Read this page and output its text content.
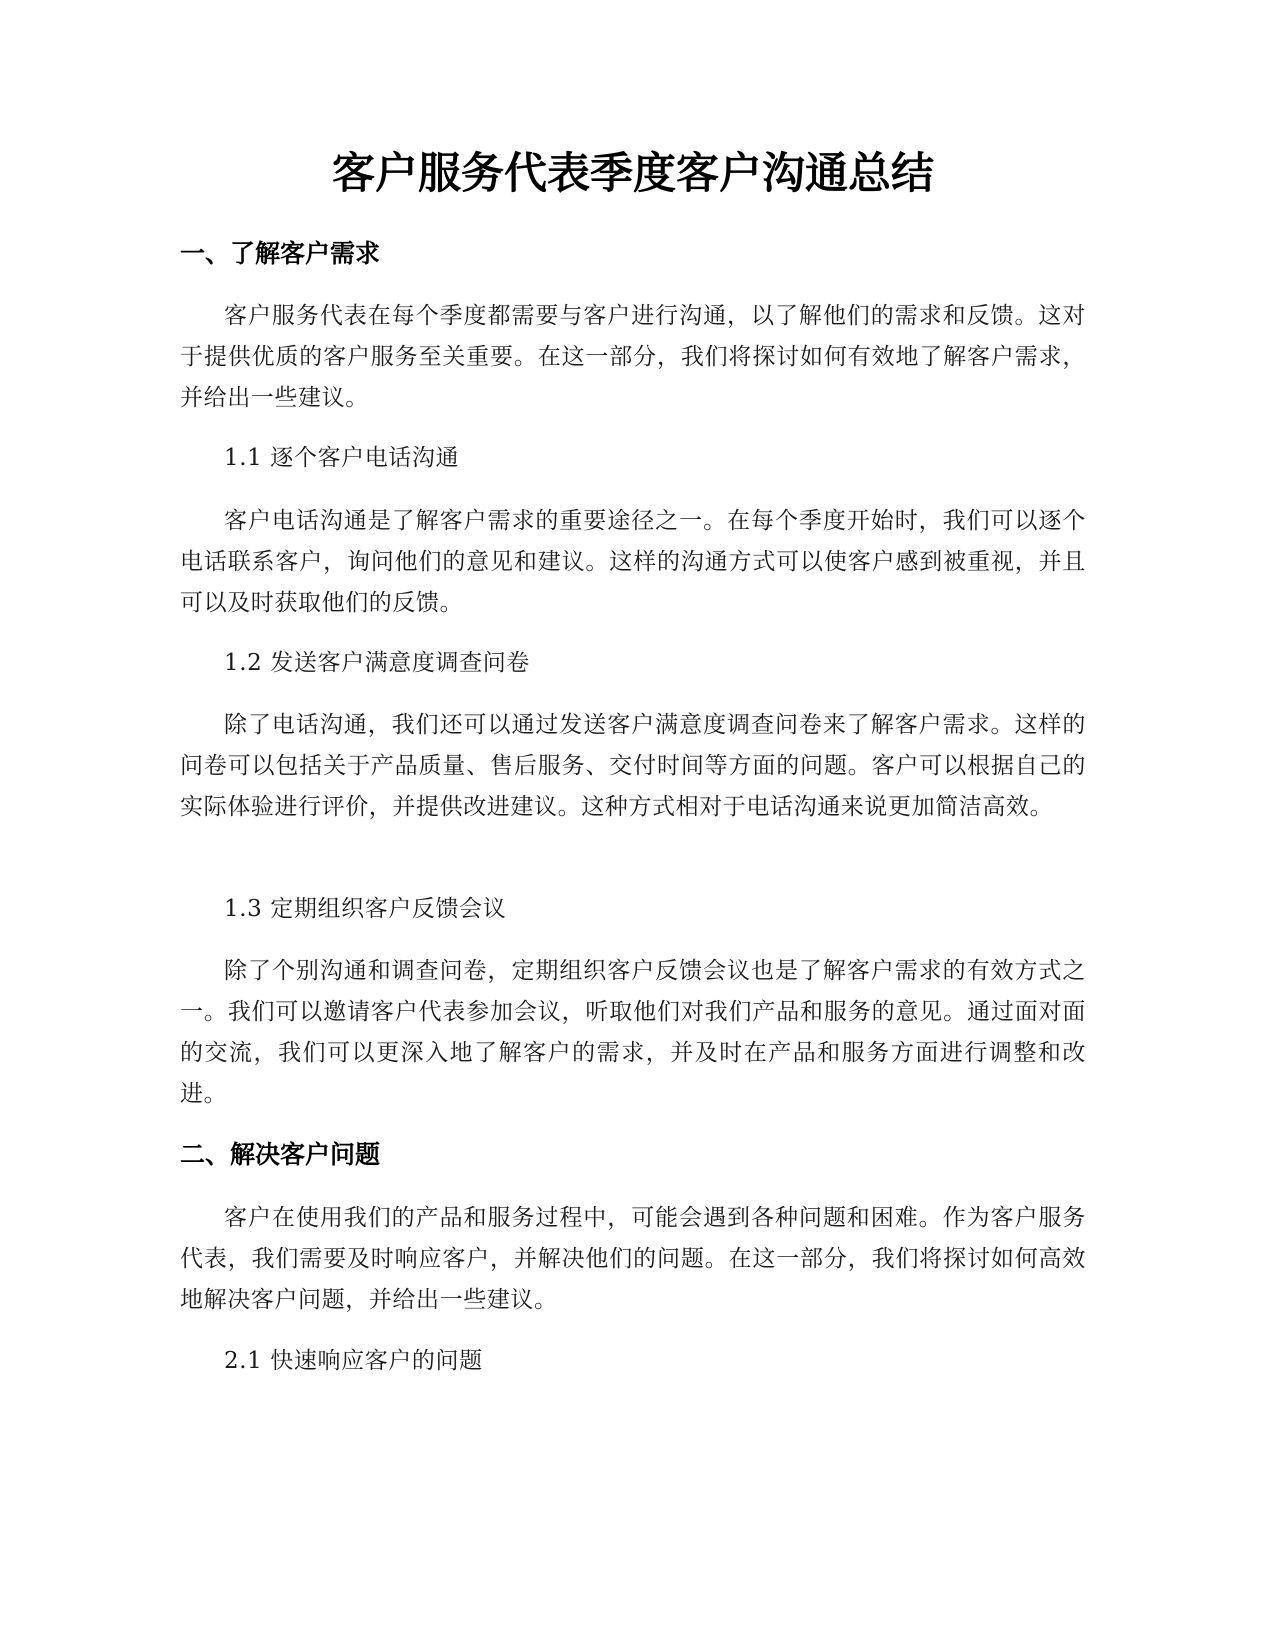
客户服务代表季度客户沟通总结
一、了解客户需求

客户服务代表在每个季度都需要与客户进行沟通，以了解他们的需求和反馈。这对于提供优质的客户服务至关重要。在这一部分，我们将探讨如何有效地了解客户需求，并给出一些建议。

1.1 逐个客户电话沟通

客户电话沟通是了解客户需求的重要途径之一。在每个季度开始时，我们可以逐个电话联系客户，询问他们的意见和建议。这样的沟通方式可以使客户感到被重视，并且可以及时获取他们的反馈。

1.2 发送客户满意度调查问卷

除了电话沟通，我们还可以通过发送客户满意度调查问卷来了解客户需求。这样的问卷可以包括关于产品质量、售后服务、交付时间等方面的问题。客户可以根据自己的实际体验进行评价，并提供改进建议。这种方式相对于电话沟通来说更加简洁高效。

1.3 定期组织客户反馈会议

除了个别沟通和调查问卷，定期组织客户反馈会议也是了解客户需求的有效方式之一。我们可以邀请客户代表参加会议，听取他们对我们产品和服务的意见。通过面对面的交流，我们可以更深入地了解客户的需求，并及时在产品和服务方面进行调整和改进。

二、解决客户问题

客户在使用我们的产品和服务过程中，可能会遇到各种问题和困难。作为客户服务代表，我们需要及时响应客户，并解决他们的问题。在这一部分，我们将探讨如何高效地解决客户问题，并给出一些建议。

2.1 快速响应客户的问题
